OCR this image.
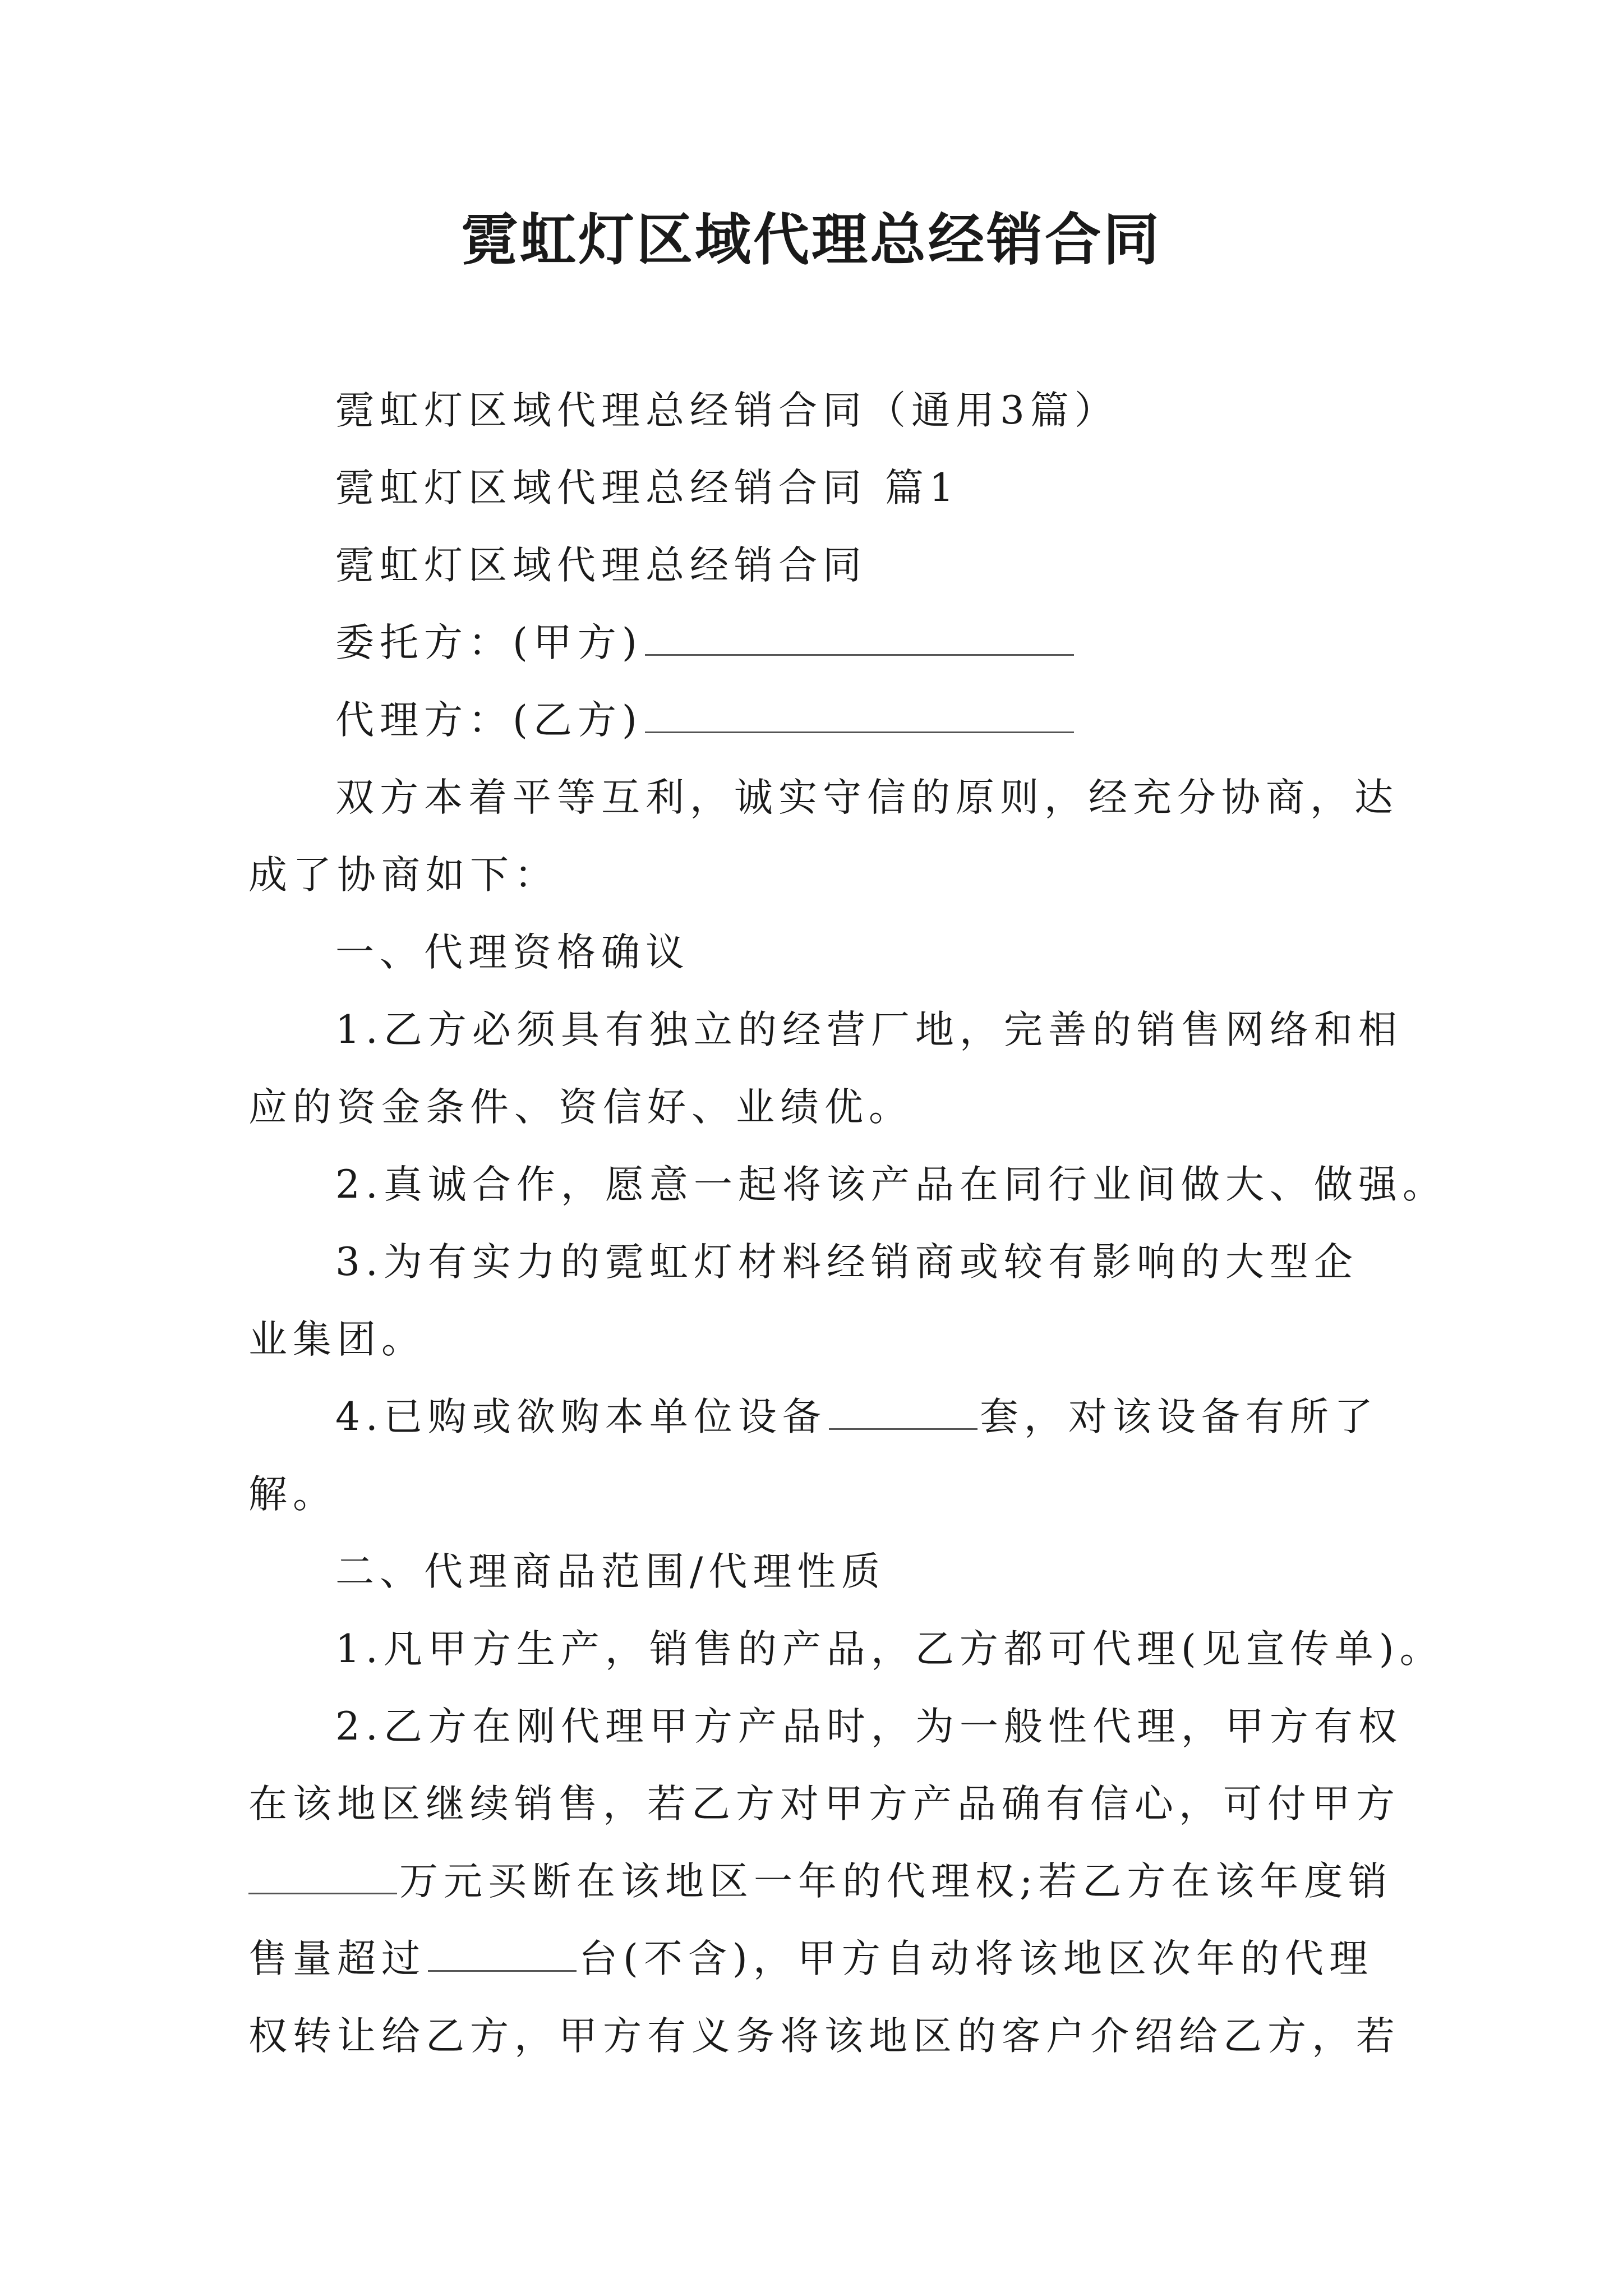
霓虹灯区域代理总经销合同

霓虹灯区域代理总经销合同（通用3篇）

霓虹灯区域代理总经销合同 篇1

霓虹灯区域代理总经销合同

委托方：(甲方)

代理方：(乙方)

双方本着平等互利，诚实守信的原则，经充分协商，达
成了协商如下：

一、代理资格确议

1.乙方必须具有独立的经营厂地，完善的销售网络和相
应的资金条件、资信好、业绩优。

2.真诚合作，愿意一起将该产品在同行业间做大、做强。

3.为有实力的霓虹灯材料经销商或较有影响的大型企
业集团。

4.已购或欲购本单位设备	套，对该设备有所了
解。

二、代理商品范围/代理性质

1.凡甲方生产，销售的产品，乙方都可代理(见宣传单)。

2.乙方在刚代理甲方产品时，为一般性代理，甲方有权
在该地区继续销售，若乙方对甲方产品确有信心，可付甲方
万元买断在该地区一年的代理权;若乙方在该年度销
售量超过	台(不含)，甲方自动将该地区次年的代理
权转让给乙方，甲方有义务将该地区的客户介绍给乙方，若
